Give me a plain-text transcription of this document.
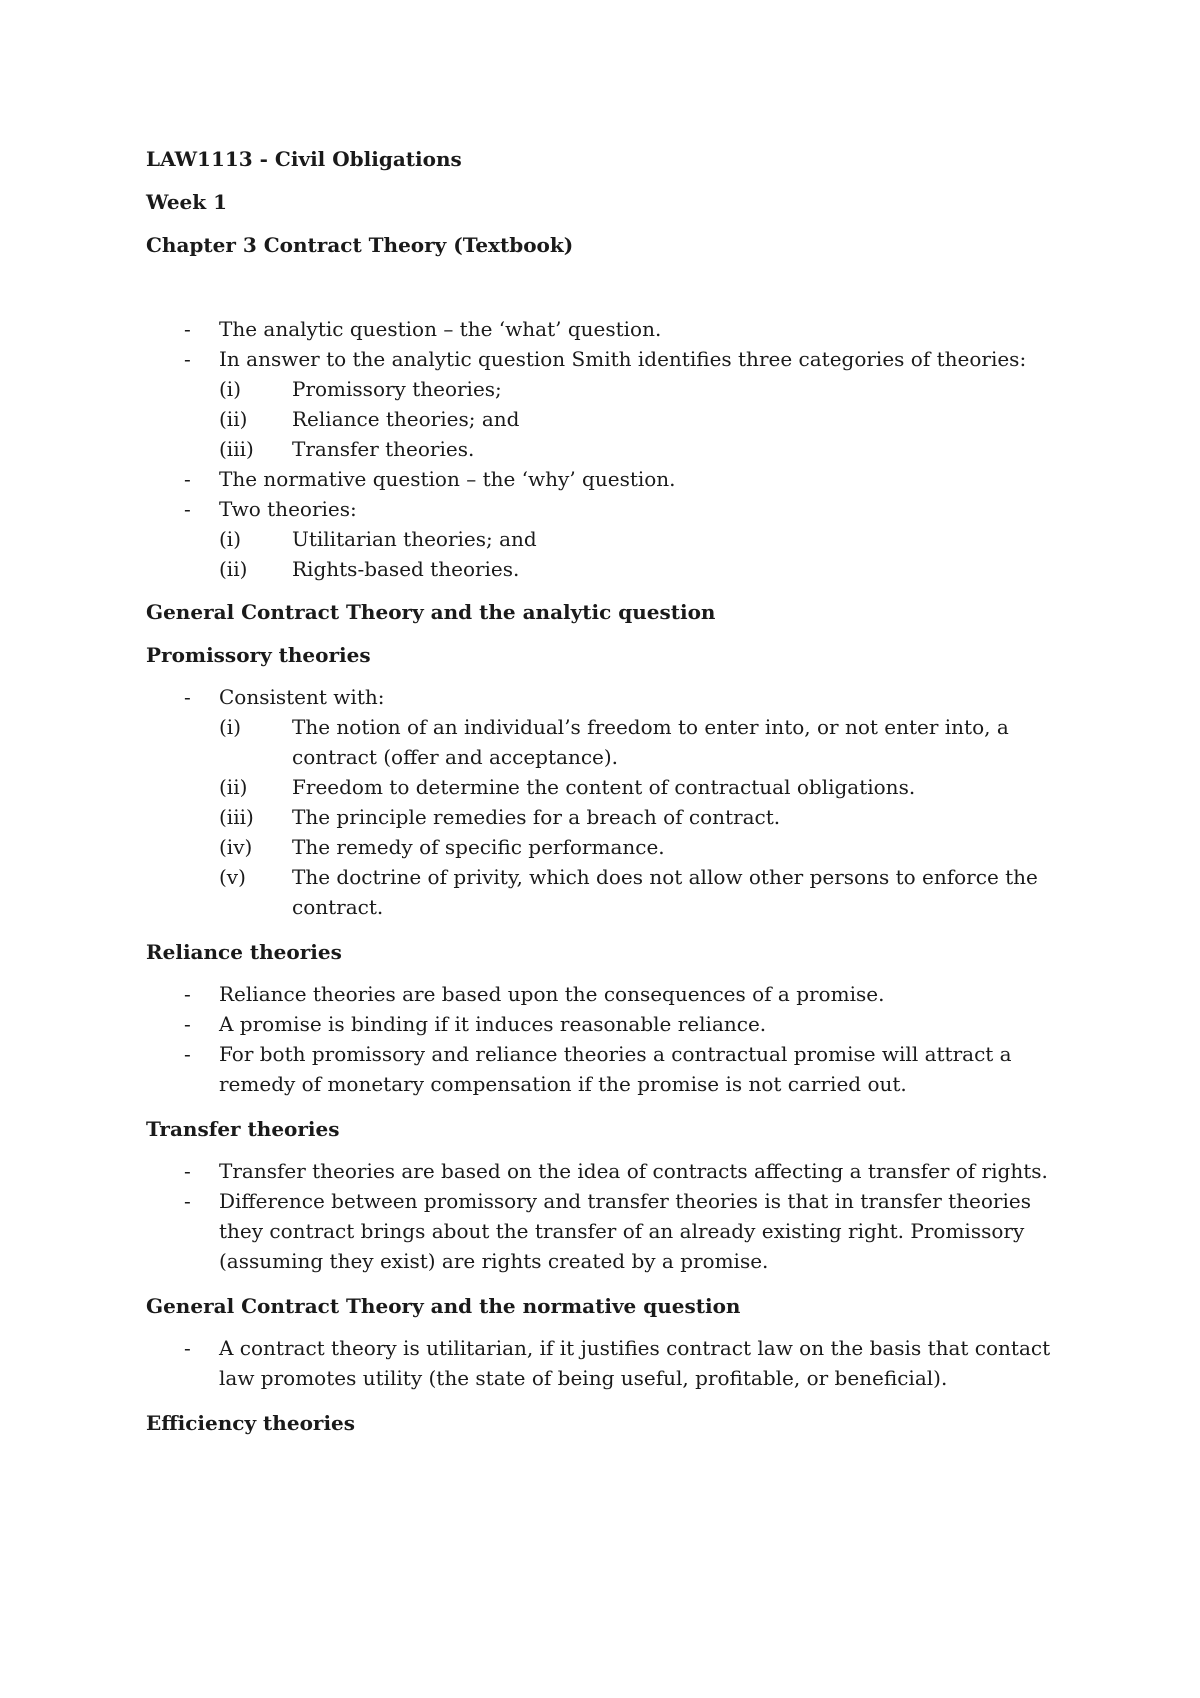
LAW1113 - Civil Obligations
Week 1
Chapter 3 Contract Theory (Textbook)
- The analytic question – the ‘what’ question.
- In answer to the analytic question Smith identifies three categories of theories:
(i)	Promissory theories;
(ii) Reliance theories; and
(iii) Transfer theories.
- The normative question – the ‘why’ question.
- Two theories:
(i)	Utilitarian theories; and
(ii) Rights-based theories.
General Contract Theory and the analytic question
Promissory theories
- Consistent with:
(i)	The notion of an individual’s freedom to enter into, or not enter into, a contract (offer and acceptance).
(ii) Freedom to determine the content of contractual obligations.
(iii) The principle remedies for a breach of contract.
(iv) The remedy of specific performance.
(v) The doctrine of privity, which does not allow other persons to enforce the contract.
Reliance theories
- Reliance theories are based upon the consequences of a promise.
- A promise is binding if it induces reasonable reliance.
- For both promissory and reliance theories a contractual promise will attract a remedy of monetary compensation if the promise is not carried out.
Transfer theories
- Transfer theories are based on the idea of contracts affecting a transfer of rights.
- Difference between promissory and transfer theories is that in transfer theories they contract brings about the transfer of an already existing right. Promissory (assuming they exist) are rights created by a promise.
General Contract Theory and the normative question
- A contract theory is utilitarian, if it justifies contract law on the basis that contact law promotes utility (the state of being useful, profitable, or beneficial).
Efficiency theories
